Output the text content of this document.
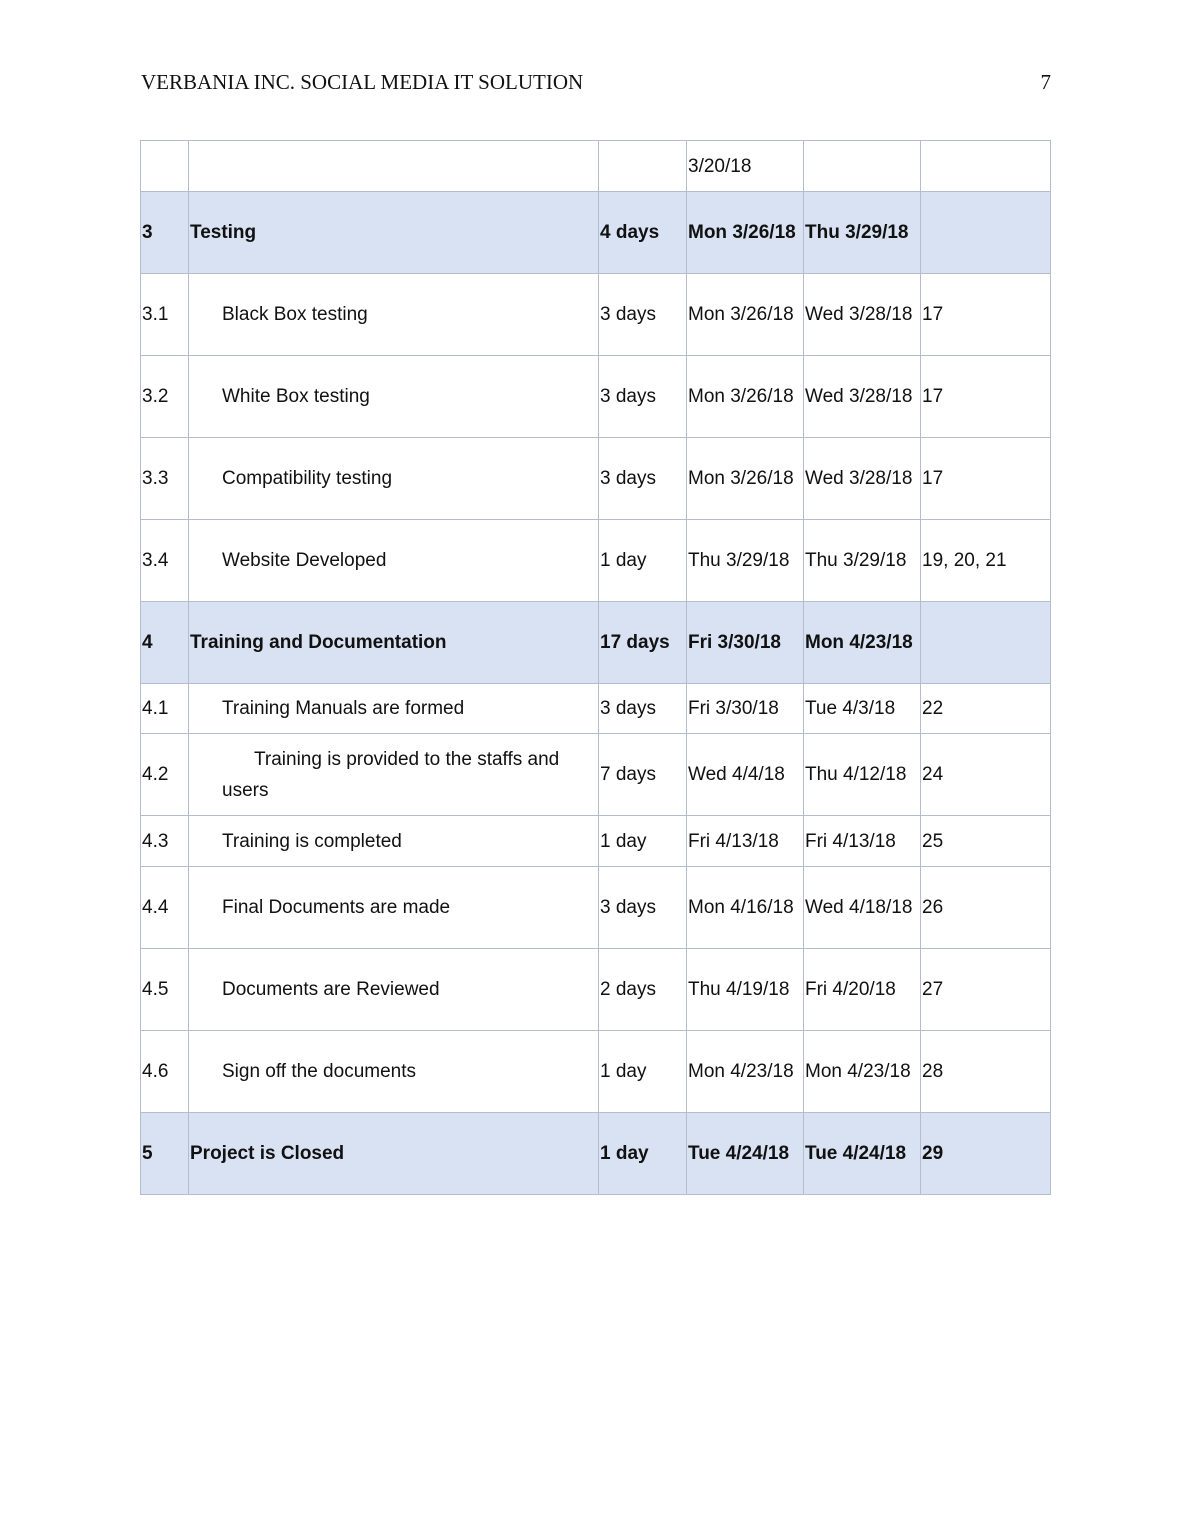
VERBANIA INC. SOCIAL MEDIA IT SOLUTION	7
			3/20/18		
3	Testing	4 days	Mon 3/26/18	Thu 3/29/18	
3.1	Black Box testing	3 days	Mon 3/26/18	Wed 3/28/18	17
3.2	White Box testing	3 days	Mon 3/26/18	Wed 3/28/18	17
3.3	Compatibility testing	3 days	Mon 3/26/18	Wed 3/28/18	17
3.4	Website Developed	1 day	Thu 3/29/18	Thu 3/29/18	19, 20, 21
4	Training and Documentation	17 days	Fri 3/30/18	Mon 4/23/18	
4.1	Training Manuals are formed	3 days	Fri 3/30/18	Tue 4/3/18	22
4.2	Training is provided to the staffs and users	7 days	Wed 4/4/18	Thu 4/12/18	24
4.3	Training is completed	1 day	Fri 4/13/18	Fri 4/13/18	25
4.4	Final Documents are made	3 days	Mon 4/16/18	Wed 4/18/18	26
4.5	Documents are Reviewed	2 days	Thu 4/19/18	Fri 4/20/18	27
4.6	Sign off the documents	1 day	Mon 4/23/18	Mon 4/23/18	28
5	Project is Closed	1 day	Tue 4/24/18	Tue 4/24/18	29
